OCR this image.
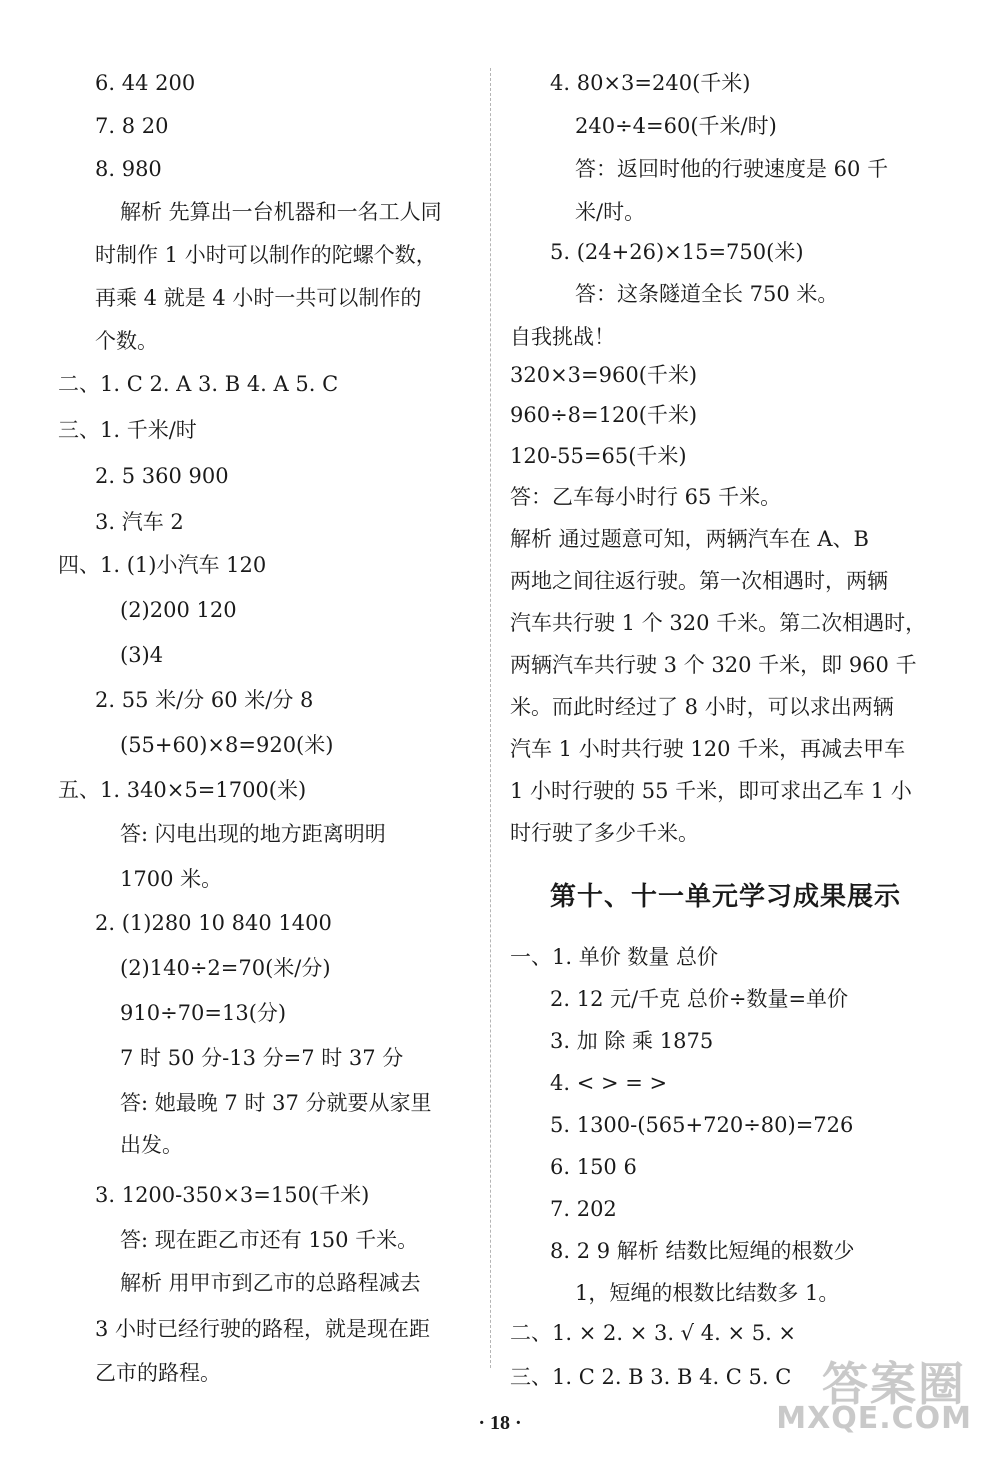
6. 44 200
7. 8 20
8. 980
解析 先算出一台机器和一名工人同
时制作 1 小时可以制作的陀螺个数，
再乘 4 就是 4 小时一共可以制作的
个数。
二、1. C 2. A 3. B 4. A 5. C
三、1. 千米/时
2. 5 360 900
3. 汽车 2
四、1. (1)小汽车 120
(2)200 120
(3)4
2. 55 米/分 60 米/分 8
(55+60)×8=920(米)
五、1. 340×5=1700(米)
答: 闪电出现的地方距离明明
1700 米。
2. (1)280 10 840 1400
(2)140÷2=70(米/分)
910÷70=13(分)
7 时 50 分-13 分=7 时 37 分
答: 她最晚 7 时 37 分就要从家里
出发。
3. 1200-350×3=150(千米)
答: 现在距乙市还有 150 千米。
解析 用甲市到乙市的总路程减去
3 小时已经行驶的路程，就是现在距
乙市的路程。
4. 80×3=240(千米)
240÷4=60(千米/时)
答：返回时他的行驶速度是 60 千
米/时。
5. (24+26)×15=750(米)
答：这条隧道全长 750 米。
自我挑战！
320×3=960(千米)
960÷8=120(千米)
120-55=65(千米)
答：乙车每小时行 65 千米。
解析 通过题意可知，两辆汽车在 A、B
两地之间往返行驶。第一次相遇时，两辆
汽车共行驶 1 个 320 千米。第二次相遇时，
两辆汽车共行驶 3 个 320 千米，即 960 千
米。而此时经过了 8 小时，可以求出两辆
汽车 1 小时共行驶 120 千米，再减去甲车
1 小时行驶的 55 千米，即可求出乙车 1 小
时行驶了多少千米。
第十、十一单元学习成果展示
一、1. 单价 数量 总价
2. 12 元/千克 总价÷数量=单价
3. 加 除 乘 1875
4. < > = >
5. 1300-(565+720÷80)=726
6. 150 6
7. 202
8. 2 9 解析 结数比短绳的根数少
1，短绳的根数比结数多 1。
二、1. × 2. × 3. √ 4. × 5. ×
三、1. C 2. B 3. B 4. C 5. C
· 18 ·
答案圈
MXQE.COM
